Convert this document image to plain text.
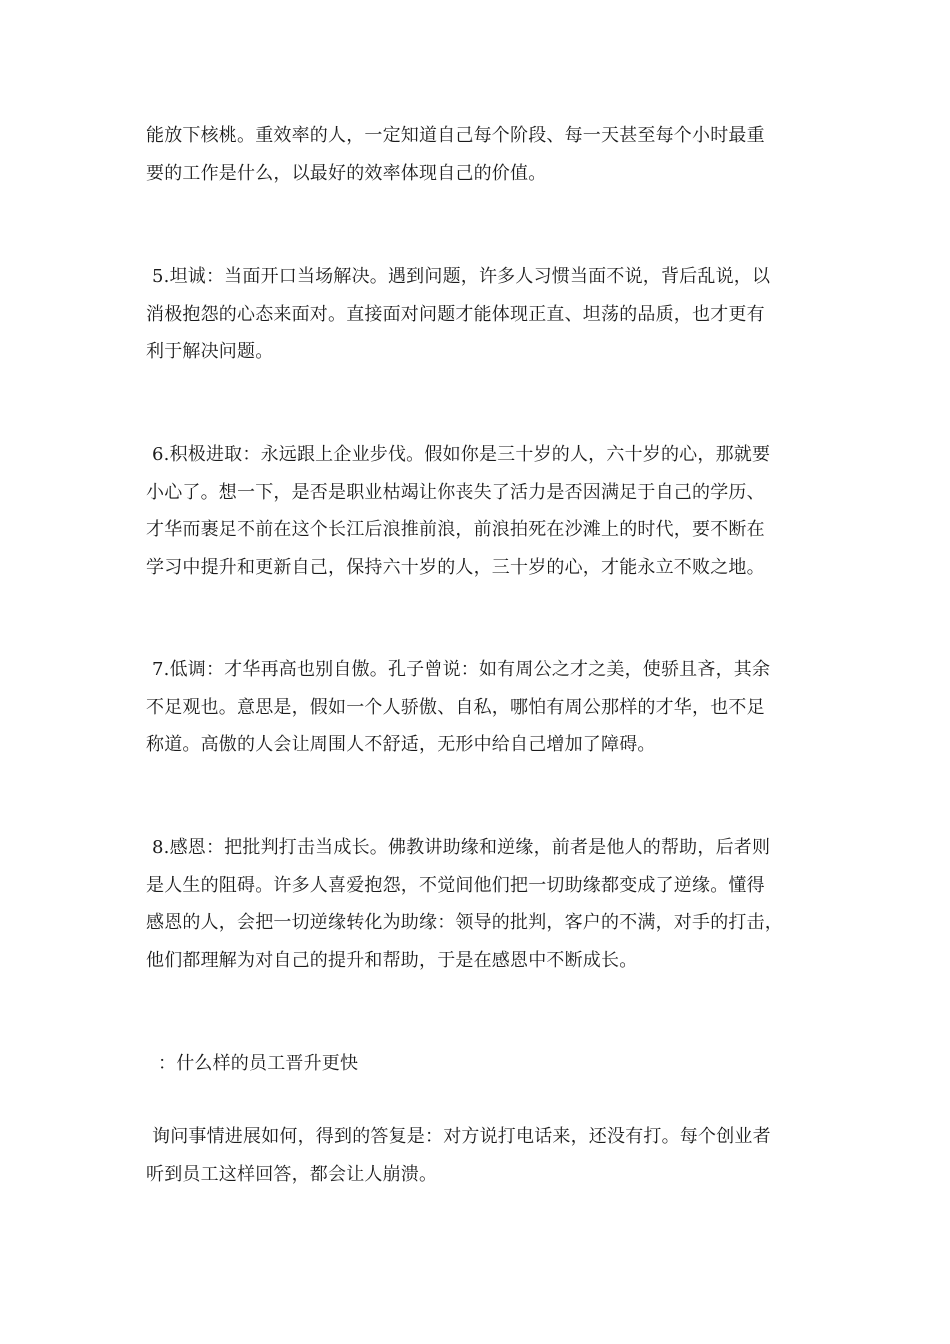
能放下核桃。重效率的人，一定知道自己每个阶段、每一天甚至每个小时最重
要的工作是什么，以最好的效率体现自己的价值。

5.坦诚：当面开口当场解决。遇到问题，许多人习惯当面不说，背后乱说，以
消极抱怨的心态来面对。直接面对问题才能体现正直、坦荡的品质，也才更有
利于解决问题。

6.积极进取：永远跟上企业步伐。假如你是三十岁的人，六十岁的心，那就要
小心了。想一下，是否是职业枯竭让你丧失了活力是否因满足于自己的学历、
才华而裹足不前在这个长江后浪推前浪，前浪拍死在沙滩上的时代，要不断在
学习中提升和更新自己，保持六十岁的人，三十岁的心，才能永立不败之地。

7.低调：才华再高也别自傲。孔子曾说：如有周公之才之美，使骄且吝，其余
不足观也。意思是，假如一个人骄傲、自私，哪怕有周公那样的才华，也不足
称道。高傲的人会让周围人不舒适，无形中给自己增加了障碍。

8.感恩：把批判打击当成长。佛教讲助缘和逆缘，前者是他人的帮助，后者则
是人生的阻碍。许多人喜爱抱怨，不觉间他们把一切助缘都变成了逆缘。懂得
感恩的人，会把一切逆缘转化为助缘：领导的批判，客户的不满，对手的打击，
他们都理解为对自己的提升和帮助，于是在感恩中不断成长。

：什么样的员工晋升更快

询问事情进展如何，得到的答复是：对方说打电话来，还没有打。每个创业者
听到员工这样回答，都会让人崩溃。
